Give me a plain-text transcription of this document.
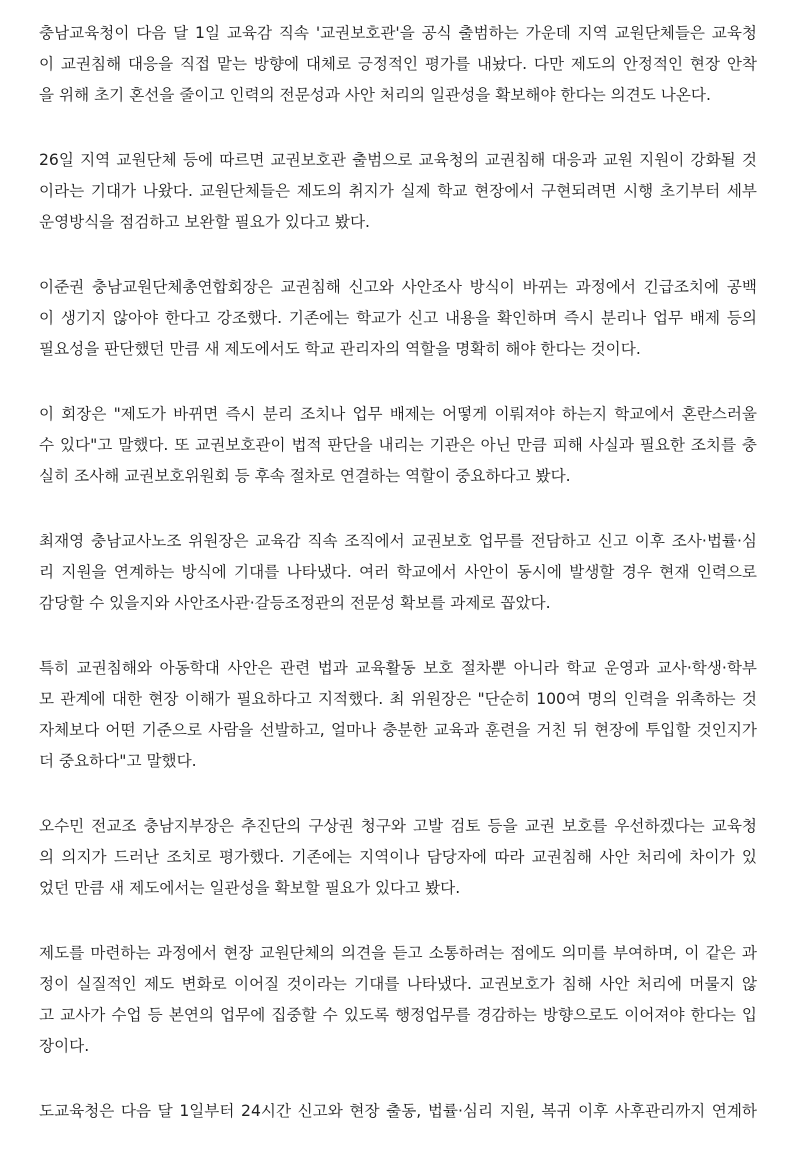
충남교육청이 다음 달 1일 교육감 직속 '교권보호관'을 공식 출범하는 가운데 지역 교원단체들은 교육청
이 교권침해 대응을 직접 맡는 방향에 대체로 긍정적인 평가를 내놨다. 다만 제도의 안정적인 현장 안착
을 위해 초기 혼선을 줄이고 인력의 전문성과 사안 처리의 일관성을 확보해야 한다는 의견도 나온다.

26일 지역 교원단체 등에 따르면 교권보호관 출범으로 교육청의 교권침해 대응과 교원 지원이 강화될 것
이라는 기대가 나왔다. 교원단체들은 제도의 취지가 실제 학교 현장에서 구현되려면 시행 초기부터 세부
운영방식을 점검하고 보완할 필요가 있다고 봤다.

이준권 충남교원단체총연합회장은 교권침해 신고와 사안조사 방식이 바뀌는 과정에서 긴급조치에 공백
이 생기지 않아야 한다고 강조했다. 기존에는 학교가 신고 내용을 확인하며 즉시 분리나 업무 배제 등의
필요성을 판단했던 만큼 새 제도에서도 학교 관리자의 역할을 명확히 해야 한다는 것이다.

이 회장은 "제도가 바뀌면 즉시 분리 조치나 업무 배제는 어떻게 이뤄져야 하는지 학교에서 혼란스러울
수 있다"고 말했다. 또 교권보호관이 법적 판단을 내리는 기관은 아닌 만큼 피해 사실과 필요한 조치를 충
실히 조사해 교권보호위원회 등 후속 절차로 연결하는 역할이 중요하다고 봤다.

최재영 충남교사노조 위원장은 교육감 직속 조직에서 교권보호 업무를 전담하고 신고 이후 조사·법률·심
리 지원을 연계하는 방식에 기대를 나타냈다. 여러 학교에서 사안이 동시에 발생할 경우 현재 인력으로
감당할 수 있을지와 사안조사관·갈등조정관의 전문성 확보를 과제로 꼽았다.

특히 교권침해와 아동학대 사안은 관련 법과 교육활동 보호 절차뿐 아니라 학교 운영과 교사·학생·학부
모 관계에 대한 현장 이해가 필요하다고 지적했다. 최 위원장은 "단순히 100여 명의 인력을 위촉하는 것
자체보다 어떤 기준으로 사람을 선발하고, 얼마나 충분한 교육과 훈련을 거친 뒤 현장에 투입할 것인지가
더 중요하다"고 말했다.

오수민 전교조 충남지부장은 추진단의 구상권 청구와 고발 검토 등을 교권 보호를 우선하겠다는 교육청
의 의지가 드러난 조치로 평가했다. 기존에는 지역이나 담당자에 따라 교권침해 사안 처리에 차이가 있
었던 만큼 새 제도에서는 일관성을 확보할 필요가 있다고 봤다.

제도를 마련하는 과정에서 현장 교원단체의 의견을 듣고 소통하려는 점에도 의미를 부여하며, 이 같은 과
정이 실질적인 제도 변화로 이어질 것이라는 기대를 나타냈다. 교권보호가 침해 사안 처리에 머물지 않
고 교사가 수업 등 본연의 업무에 집중할 수 있도록 행정업무를 경감하는 방향으로도 이어져야 한다는 입
장이다.

도교육청은 다음 달 1일부터 24시간 신고와 현장 출동, 법률·심리 지원, 복귀 이후 사후관리까지 연계하
